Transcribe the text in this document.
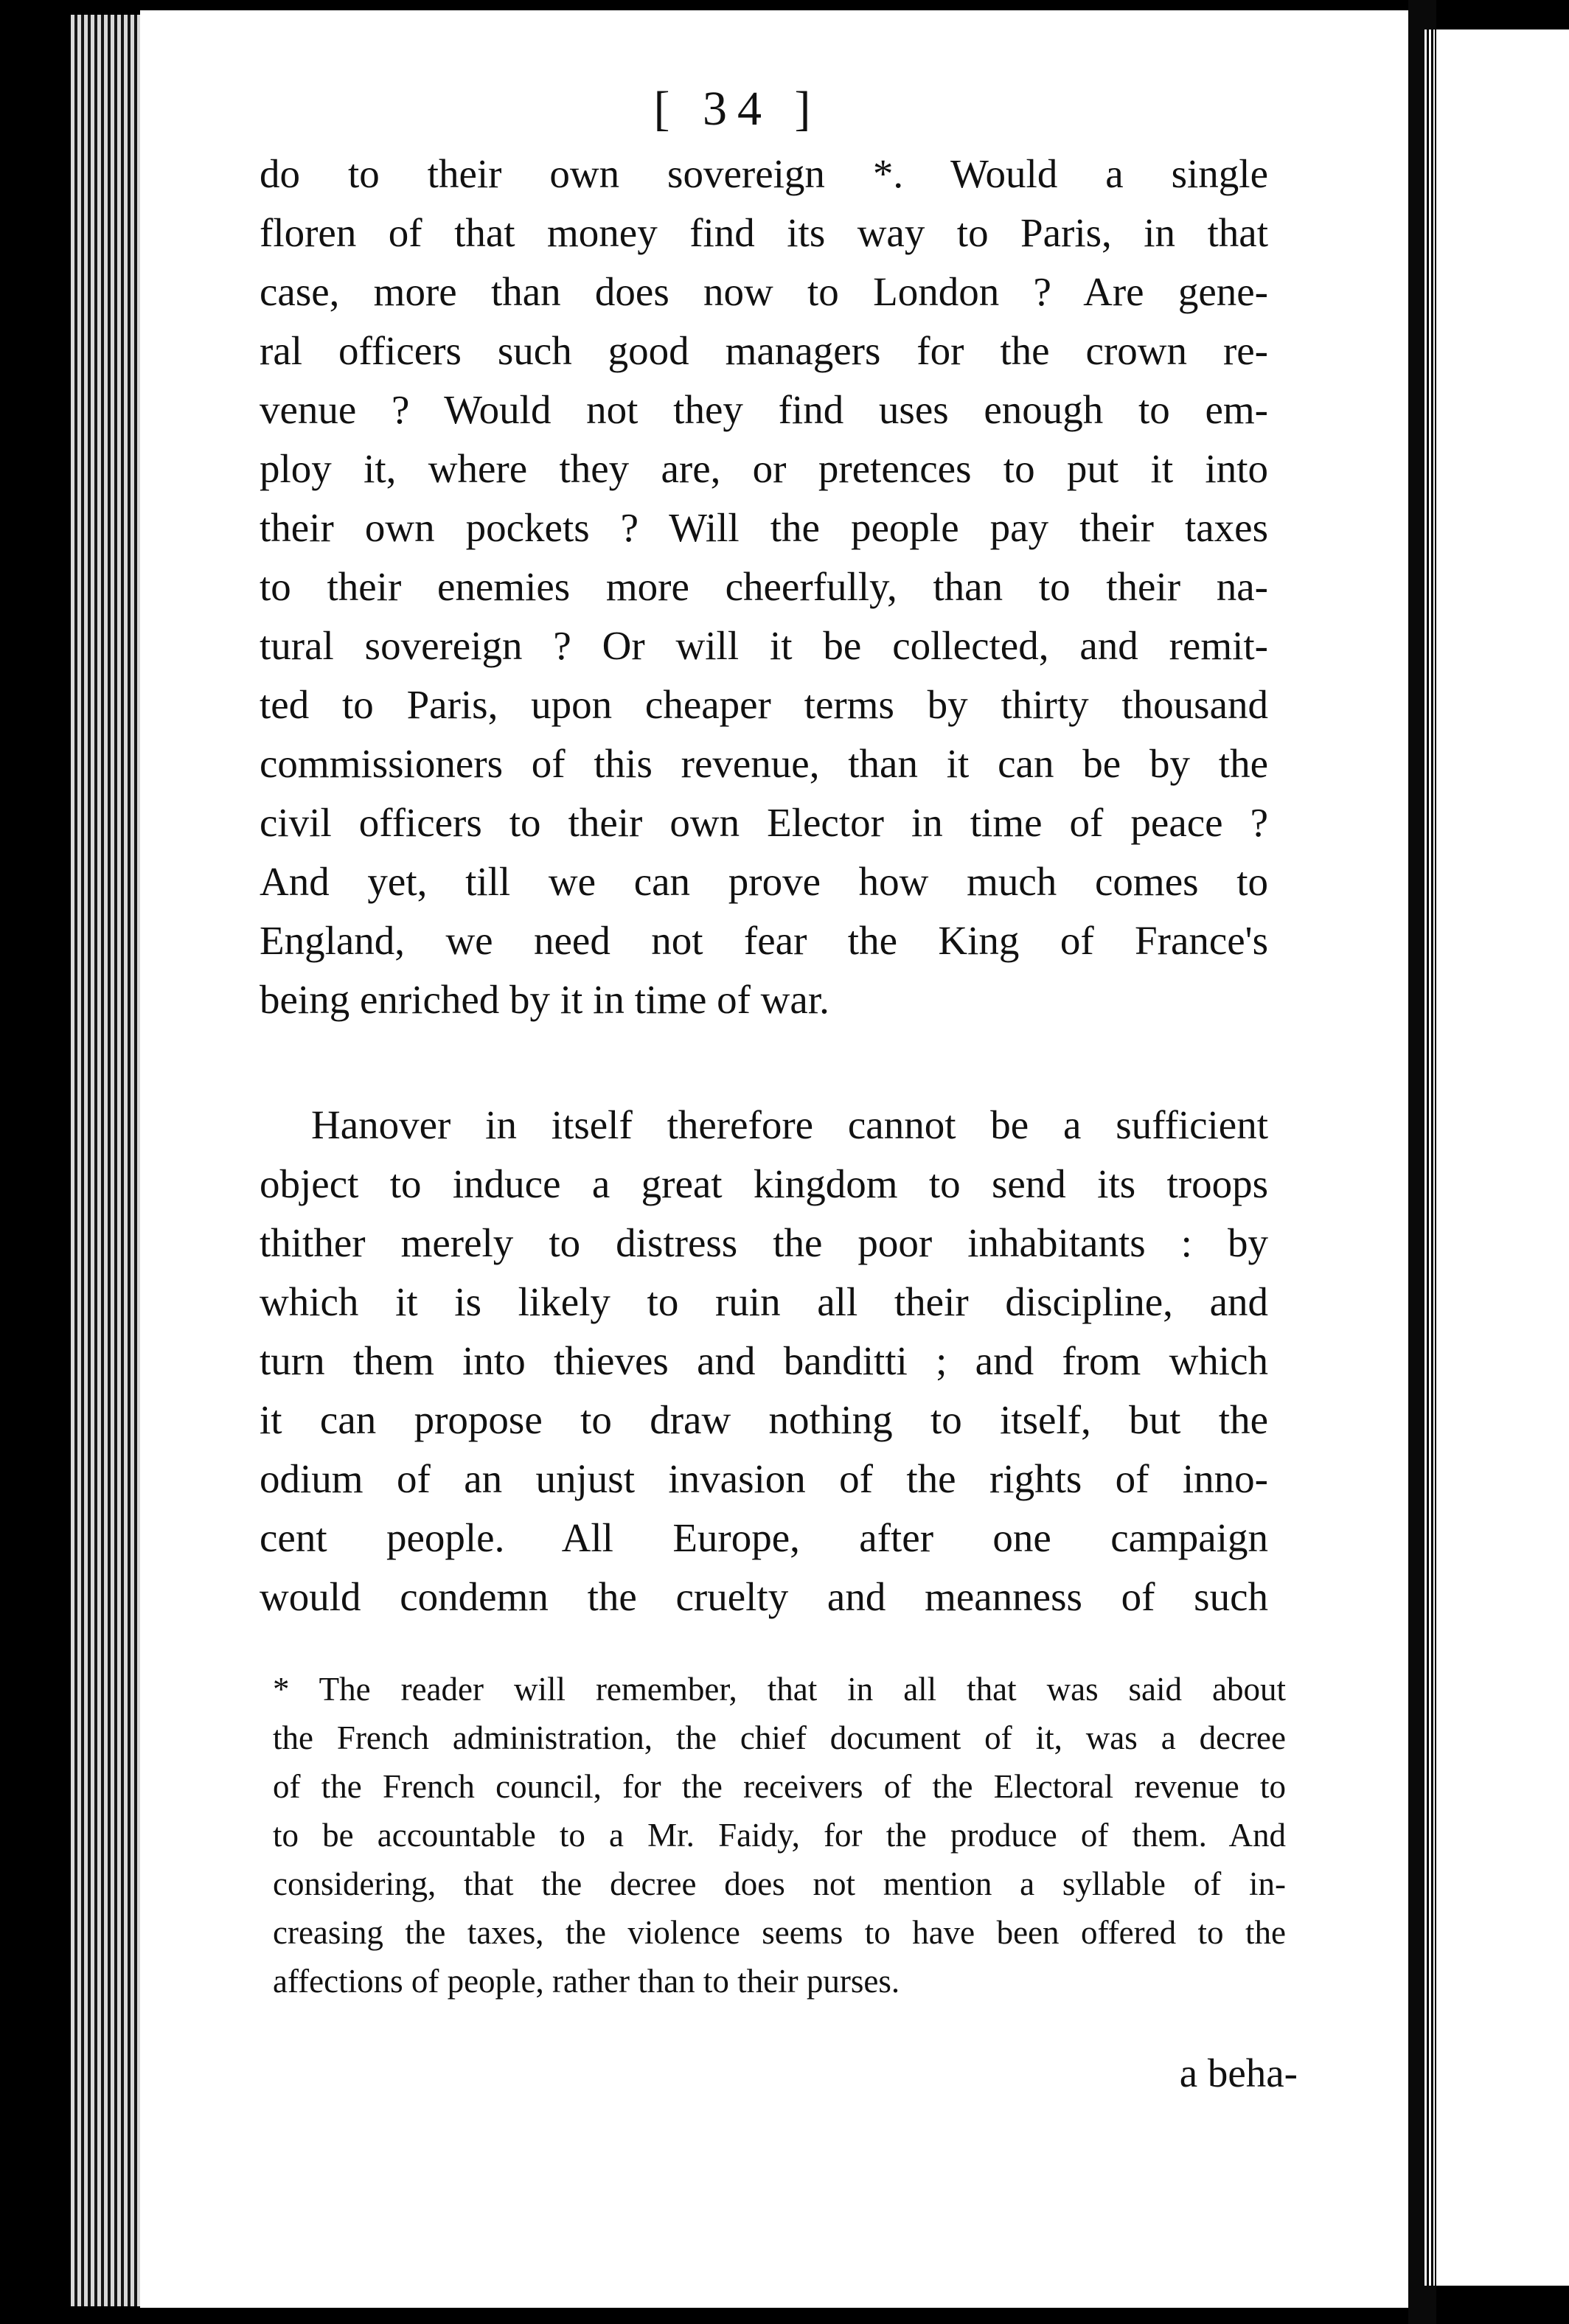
[ 34 ]
do to their own sovereign *. Would a single
floren of that money find its way to Paris, in that
case, more than does now to London ? Are gene-
ral officers such good managers for the crown re-
venue ? Would not they find uses enough to em-
ploy it, where they are, or pretences to put it into
their own pockets ? Will the people pay their taxes
to their enemies more cheerfully, than to their na-
tural sovereign ? Or will it be collected, and remit-
ted to Paris, upon cheaper terms by thirty thousand
commissioners of this revenue, than it can be by the
civil officers to their own Elector in time of peace ?
And yet, till we can prove how much comes to
England, we need not fear the King of France's
being enriched by it in time of war.
Hanover in itself therefore cannot be a sufficient
object to induce a great kingdom to send its troops
thither merely to distress the poor inhabitants : by
which it is likely to ruin all their discipline, and
turn them into thieves and banditti ; and from which
it can propose to draw nothing to itself, but the
odium of an unjust invasion of the rights of inno-
cent people. All Europe, after one campaign
would condemn the cruelty and meanness of such
* The reader will remember, that in all that was said about
the French administration, the chief document of it, was a decree
of the French council, for the receivers of the Electoral revenue to
to be accountable to a Mr. Faidy, for the produce of them. And
considering, that the decree does not mention a syllable of in-
creasing the taxes, the violence seems to have been offered to the
affections of people, rather than to their purses.
a beha-
